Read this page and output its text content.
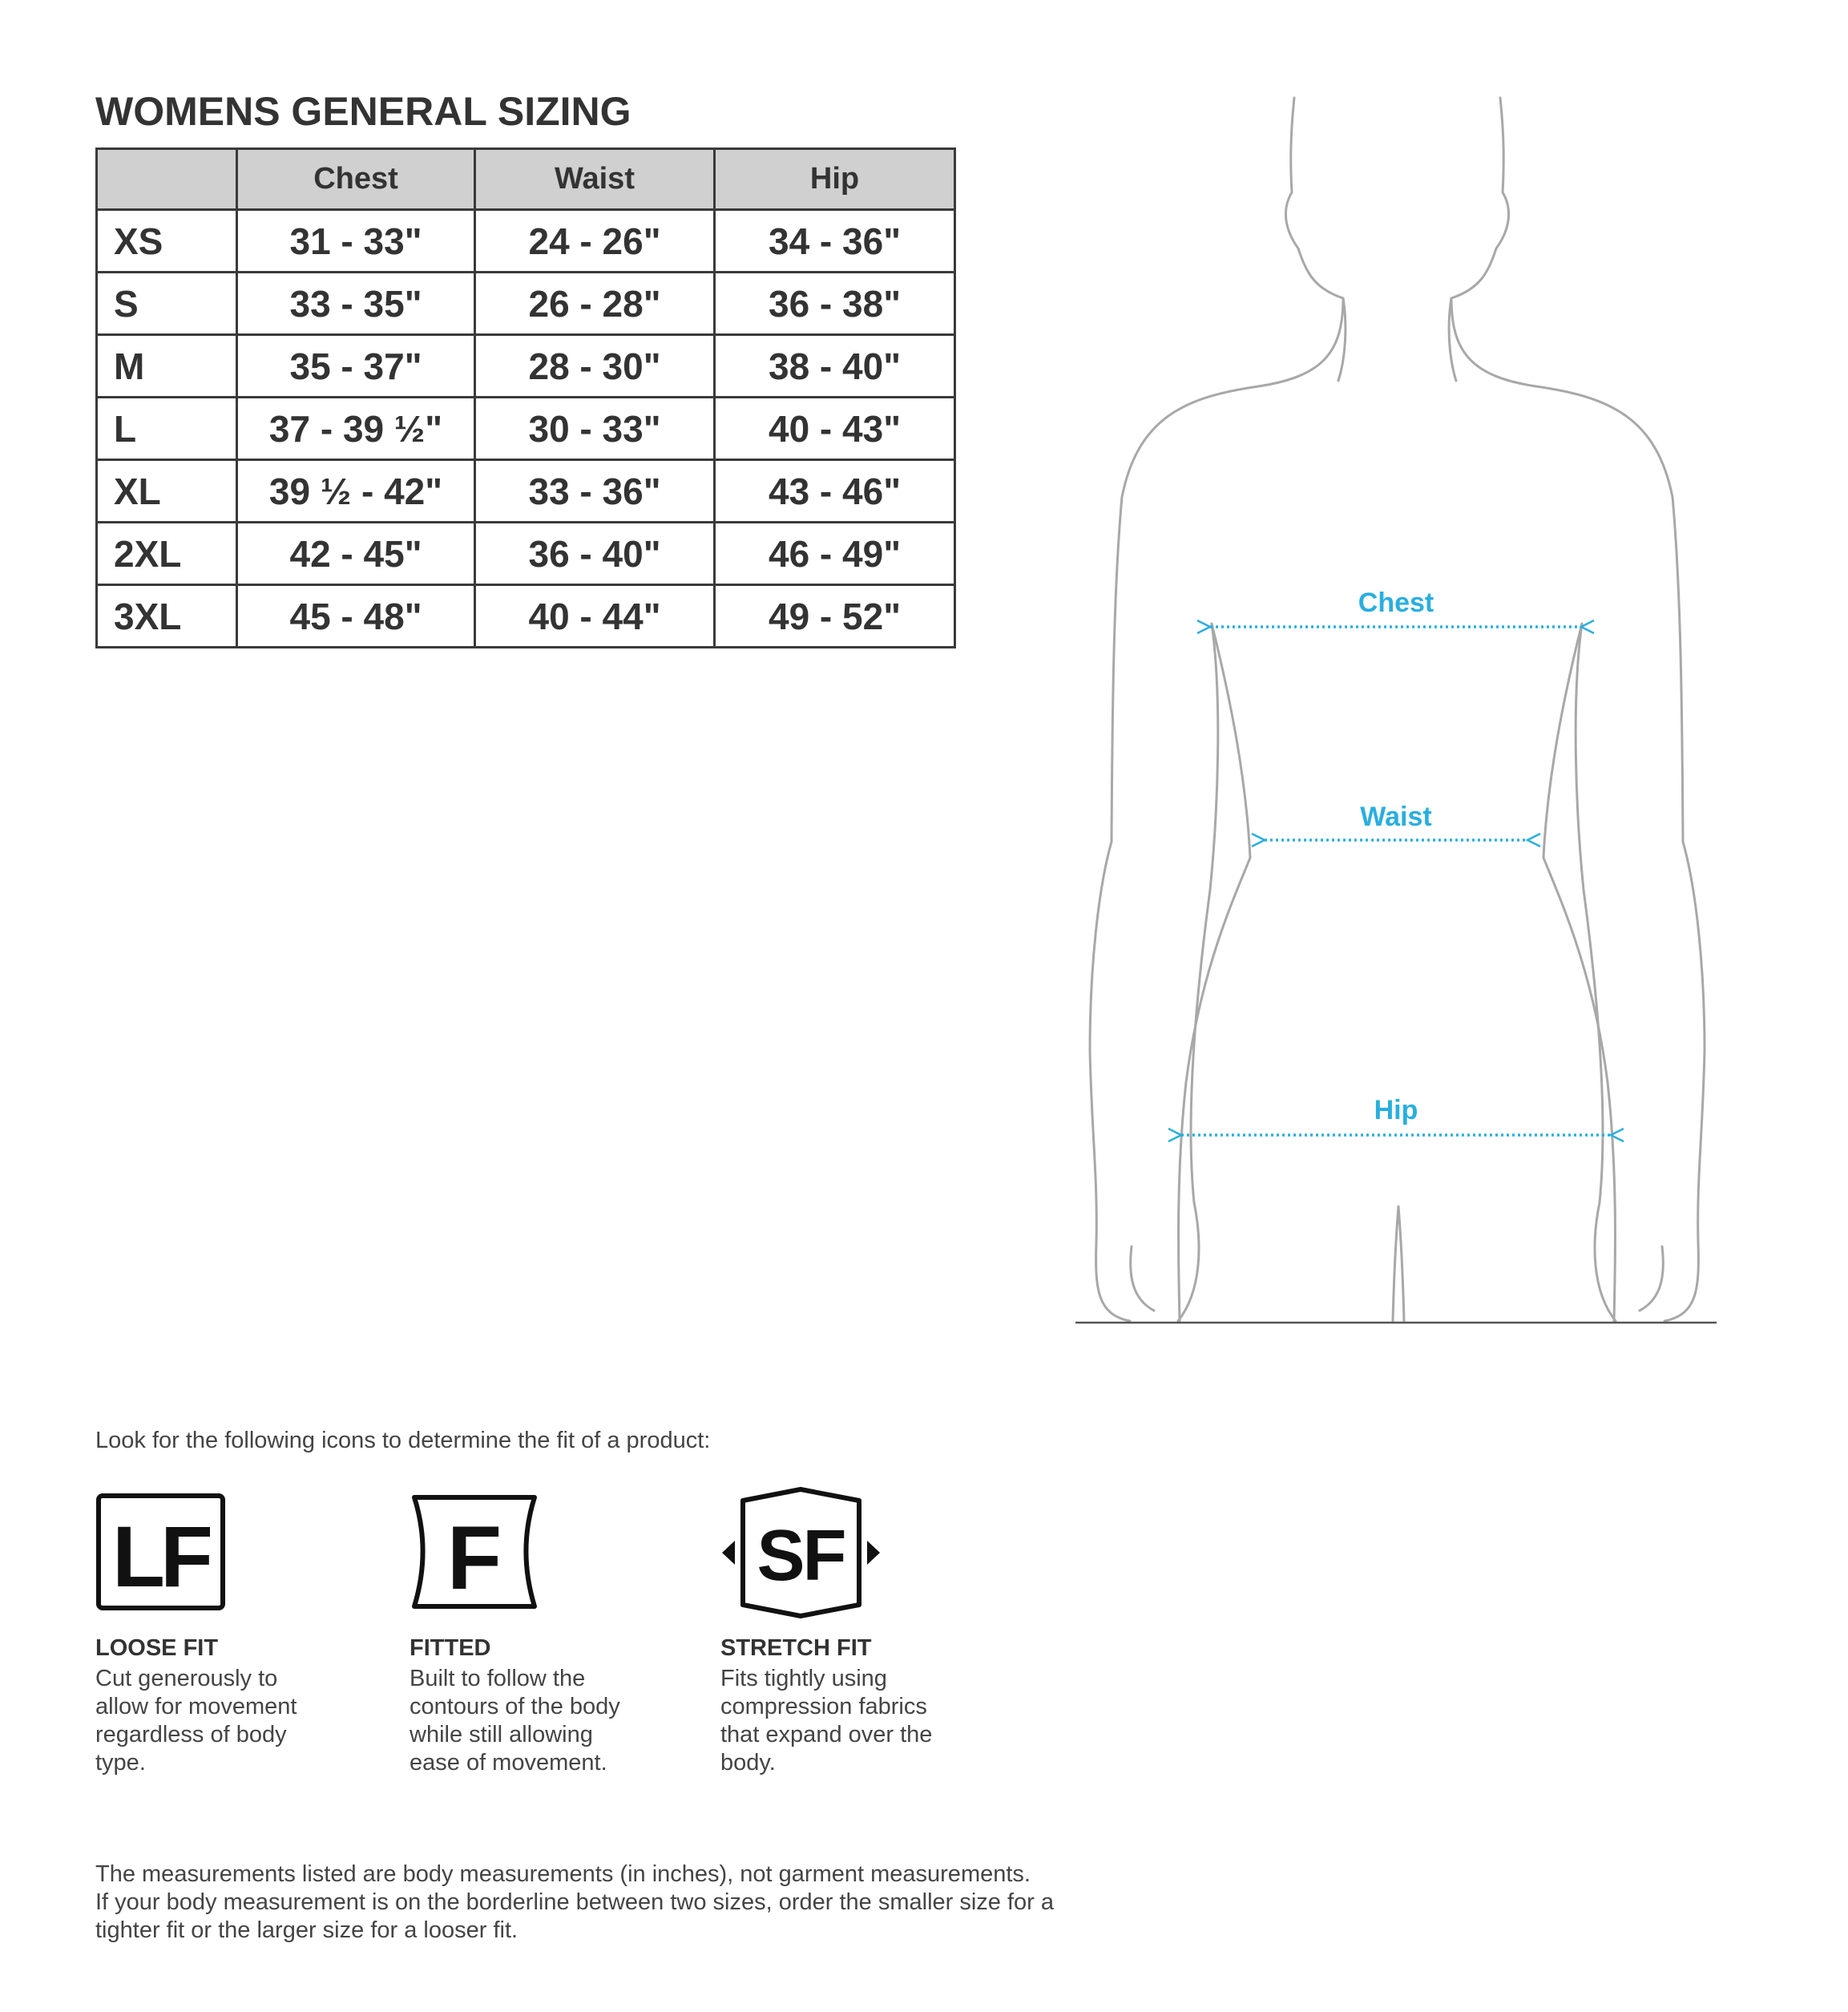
WOMENS GENERAL SIZING
	Chest	Waist	Hip
XS	31 - 33"	24 - 26"	34 - 36"
S	33 - 35"	26 - 28"	36 - 38"
M	35 - 37"	28 - 30"	38 - 40"
L	37 - 39 ½"	30 - 33"	40 - 43"
XL	39 ½ - 42"	33 - 36"	43 - 46"
2XL	42 - 45"	36 - 40"	46 - 49"
3XL	45 - 48"	40 - 44"	49 - 52"	Chest
Waist
Hip

Look for the following icons to determine the fit of a product:

LF	F	SF

LOOSE FIT

Cut generously to
allow for movement
regardless of body
type.

FITTED

Built to follow the
contours of the body
while still allowing
ease of movement.

STRETCH FIT

Fits tightly using
compression fabrics
that expand over the
body.

The measurements listed are body measurements (in inches), not garment measurements.
If your body measurement is on the borderline between two sizes, order the smaller size for a
tighter fit or the larger size for a looser fit.
